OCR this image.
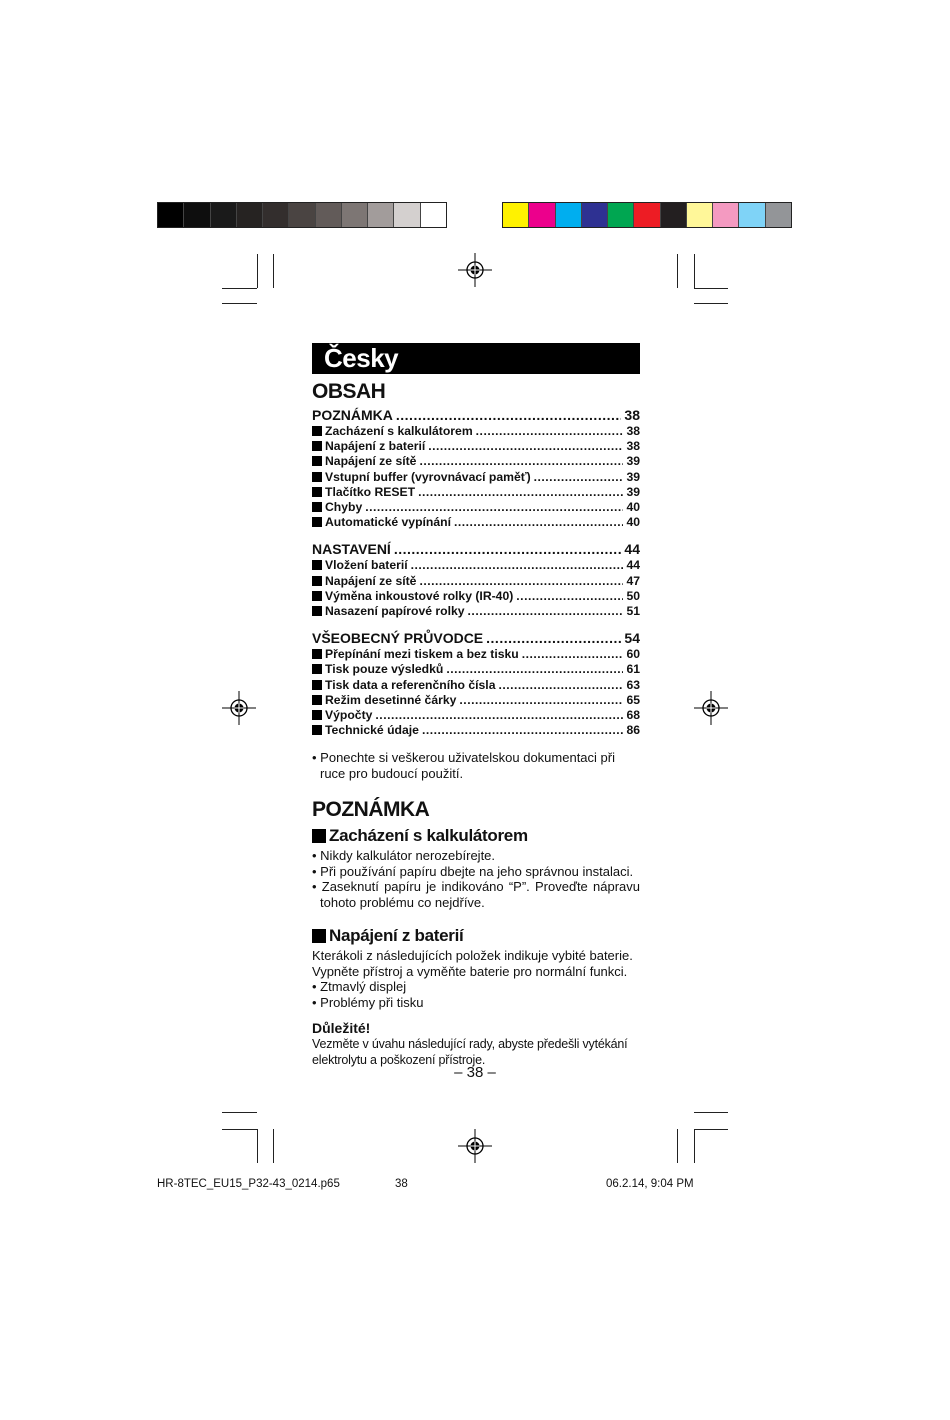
Česky
OBSAH
POZNÁMKA .....	38
Zacházení s kalkulátorem .....	38
Napájení z baterií .....	38
Napájení ze sítě .....	39
Vstupní buffer (vyrovnávací paměť) .....	39
Tlačítko RESET .....	39
Chyby .....	40
Automatické vypínání .....	40
NASTAVENÍ .....	44
Vložení baterií .....	44
Napájení ze sítě .....	47
Výměna inkoustové rolky (IR-40) .....	50
Nasazení papírové rolky .....	51
VŠEOBECNÝ PRŮVODCE .....	54
Přepínání mezi tiskem a bez tisku .....	60
Tisk pouze výsledků .....	61
Tisk data a referenčního čísla .....	63
Režim desetinné čárky .....	65
Výpočty .....	68
Technické údaje .....	86
• Ponechte si veškerou uživatelskou dokumentaci při ruce pro budoucí použití.
POZNÁMKA
Zacházení s kalkulátorem
• Nikdy kalkulátor nerozebírejte.
• Při používání papíru dbejte na jeho správnou instalaci.
• Zaseknutí papíru je indikováno “P”. Proveďte nápravu tohoto problému co nejdříve.
Napájení z baterií
Kterákoli z následujících položek indikuje vybité baterie.
Vypněte přístroj a vyměňte baterie pro normální funkci.
• Ztmavlý displej
• Problémy při tisku
Důležité!
Vezměte v úvahu následující rady, abyste předešli vytékání elektrolytu a poškození přístroje.
– 38 –
HR-8TEC_EU15_P32-43_0214.p65	38	06.2.14, 9:04 PM
